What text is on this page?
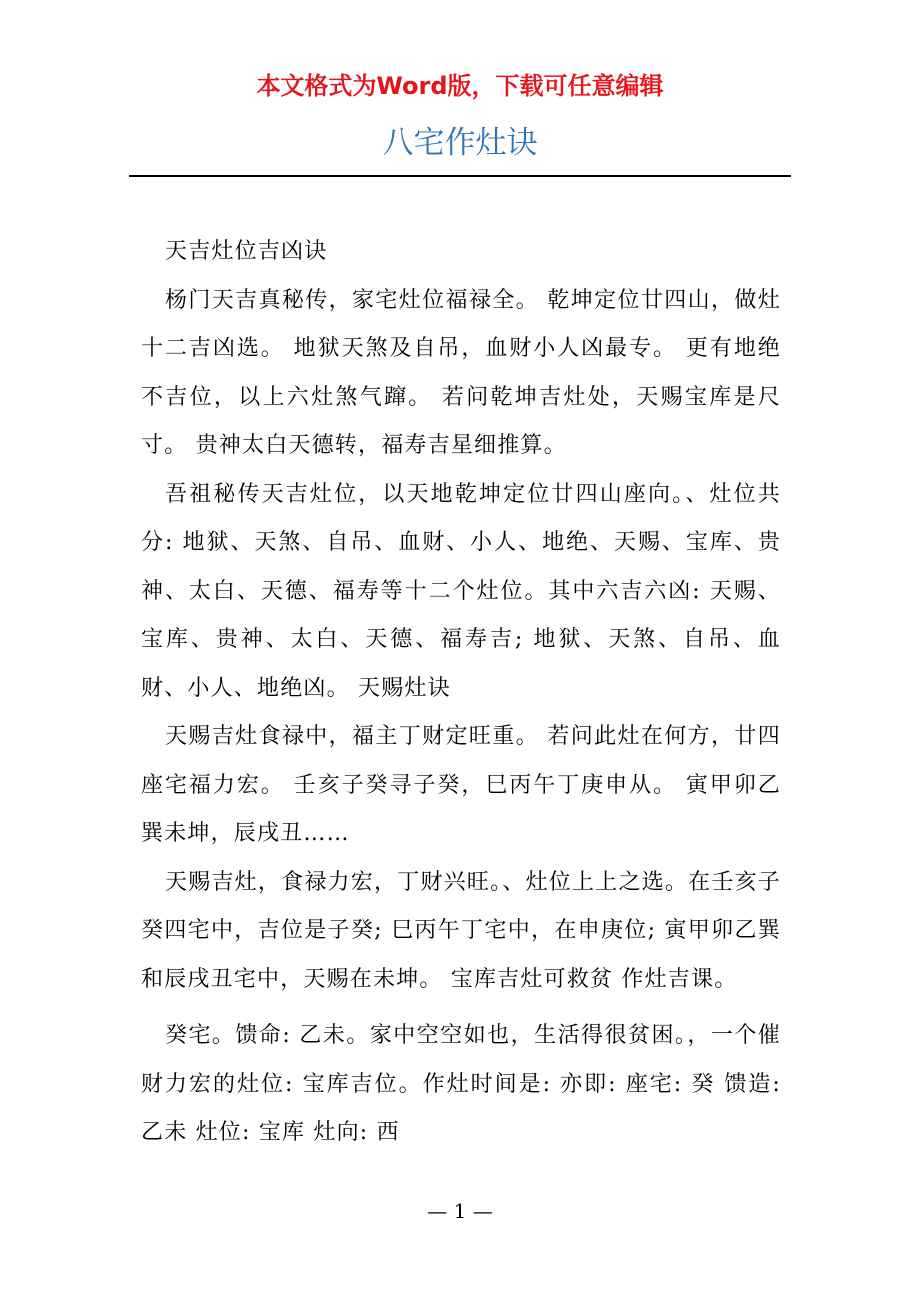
本文格式为Word版，下载可任意编辑
八宅作灶诀

天吉灶位吉凶诀

杨门天吉真秘传，家宅灶位福禄全。 乾坤定位廿四山，做灶十二吉凶选。 地狱天煞及自吊，血财小人凶最专。 更有地绝不吉位，以上六灶煞气蹿。 若问乾坤吉灶处，天赐宝库是尺寸。 贵神太白天德转，福寿吉星细推算。

吾祖秘传天吉灶位，以天地乾坤定位廿四山座向。、灶位共分: 地狱、天煞、自吊、血财、小人、地绝、天赐、宝库、贵神、太白、天德、福寿等十二个灶位。其中六吉六凶: 天赐、宝库、贵神、太白、天德、福寿吉; 地狱、天煞、自吊、血财、小人、地绝凶。 天赐灶诀

天赐吉灶食禄中，福主丁财定旺重。 若问此灶在何方，廿四座宅福力宏。 壬亥子癸寻子癸，巳丙午丁庚申从。 寅甲卯乙巽未坤，辰戌丑……

天赐吉灶，食禄力宏，丁财兴旺。、灶位上上之选。在壬亥子癸四宅中，吉位是子癸; 巳丙午丁宅中，在申庚位; 寅甲卯乙巽和辰戌丑宅中，天赐在未坤。 宝库吉灶可救贫 作灶吉课。

癸宅。馈命: 乙未。家中空空如也，生活得很贫困。，一个催财力宏的灶位: 宝库吉位。作灶时间是: 亦即: 座宅: 癸 馈造: 乙未 灶位: 宝库 灶向: 西

— 1 —
